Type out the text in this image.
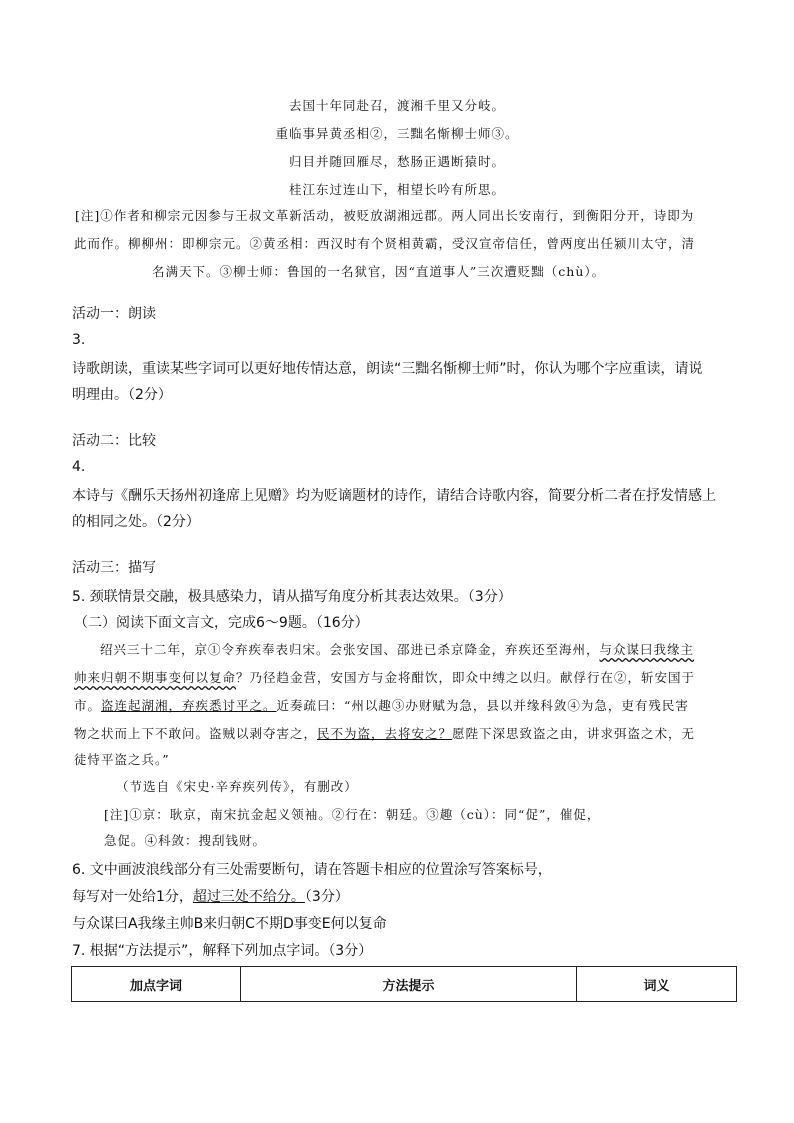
去国十年同赴召，渡湘千里又分岐。
重临事异黄丞相②，三黜名惭柳士师③。
归目并随回雁尽，愁肠正遇断猿时。
桂江东过连山下，相望长吟有所思。
[注]①作者和柳宗元因参与王叔文革新活动，被贬放湖湘远郡。两人同出长安南行，到衡阳分开，诗即为
此而作。柳柳州：即柳宗元。②黄丞相：西汉时有个贤相黄霸，受汉宣帝信任，曾两度出任颍川太守，清
名满天下。③柳士师：鲁国的一名狱官，因“直道事人”三次遭贬黜（chù）。
活动一：朗读
3.
诗歌朗读，重读某些字词可以更好地传情达意，朗读“三黜名惭柳士师”时，你认为哪个字应重读，请说
明理由。（2分）
活动二：比较
4.
本诗与《酬乐天扬州初逢席上见赠》均为贬谪题材的诗作，请结合诗歌内容，简要分析二者在抒发情感上
的相同之处。（2分）
活动三：描写
5. 颈联情景交融，极具感染力，请从描写角度分析其表达效果。（3分）
（二）阅读下面文言文，完成6～9题。（16分）
绍兴三十二年，京①令弃疾奉表归宋。会张安国、邵进已杀京降金，弃疾还至海州，与众谋曰我缘主
帅来归朝不期事变何以复命？乃径趋金营，安国方与金将酣饮，即众中缚之以归。献俘行在②，斩安国于
市。盗连起湖湘，弃疾悉讨平之。近奏疏曰：“州以趣③办财赋为急，县以并缘科敛④为急，吏有残民害
物之状而上下不敢问。盗贼以剥夺害之，民不为盗，去将安之？愿陛下深思致盗之由，讲求弭盗之术，无
徒恃平盗之兵。”
（节选自《宋史·辛弃疾列传》，有删改）
[注]①京：耿京，南宋抗金起义领袖。②行在：朝廷。③趣（cù）：同“促”，催促，
急促。④科敛：搜刮钱财。
6. 文中画波浪线部分有三处需要断句，请在答题卡相应的位置涂写答案标号，
每写对一处给1分，超过三处不给分。（3分）
与众谋曰A我缘主帅B来归朝C不期D事变E何以复命
7. 根据“方法提示”，解释下列加点字词。（3分）
加点字词	方法提示	词义
